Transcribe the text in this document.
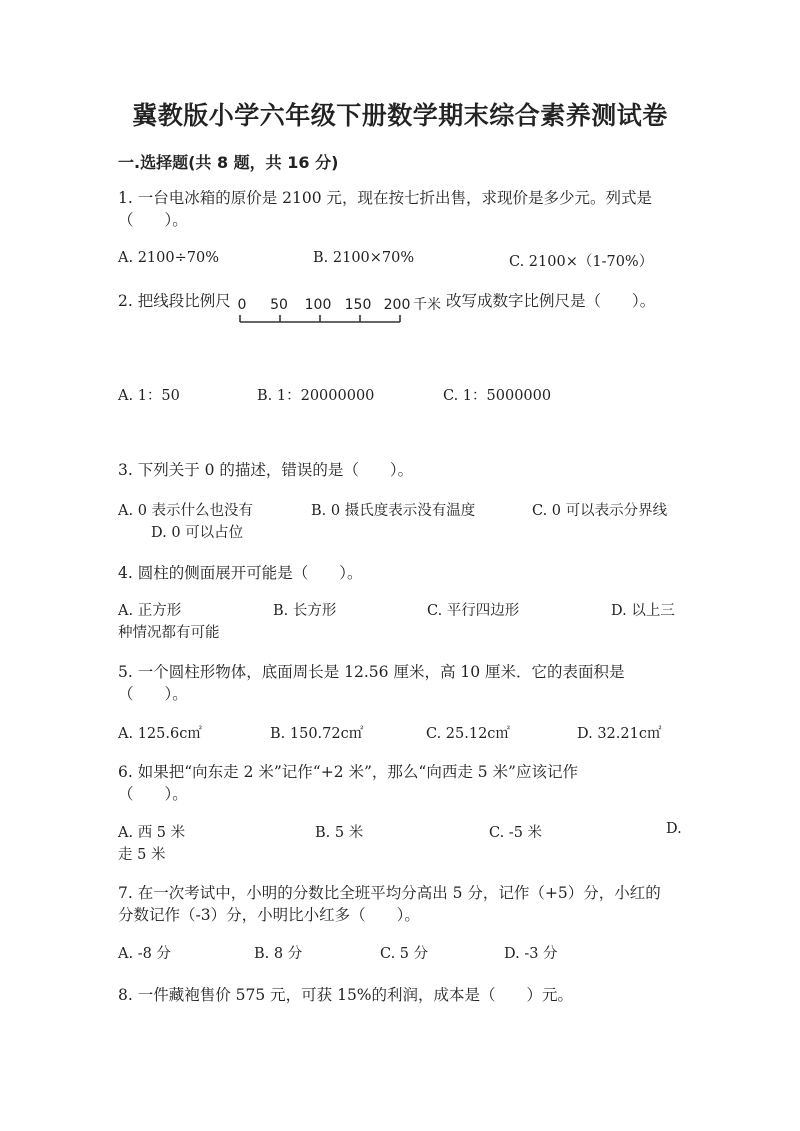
冀教版小学六年级下册数学期末综合素养测试卷
一.选择题(共 8 题，共 16 分)
1. 一台电冰箱的原价是 2100 元，现在按七折出售，求现价是多少元。列式是
（　　）。
A. 2100÷70%	B. 2100×70%	C. 2100×（1-70%）
2. 把线段比例尺 0 50 100 150 200 千米 改写成数字比例尺是（　　）。
A. 1：50	B. 1：20000000	C. 1：5000000
3. 下列关于 0 的描述，错误的是（　　）。
A. 0 表示什么也没有	B. 0 摄氏度表示没有温度	C. 0 可以表示分界线
D. 0 可以占位
4. 圆柱的侧面展开可能是（　　）。
A. 正方形	B. 长方形	C. 平行四边形	D. 以上三
种情况都有可能
5. 一个圆柱形物体，底面周长是 12.56 厘米，高 10 厘米．它的表面积是
（　　）。
A. 125.6c㎡	B. 150.72c㎡	C. 25.12c㎡	D. 32.21c㎡
6. 如果把“向东走 2 米”记作“+2 米”，那么“向西走 5 米”应该记作
（　　）。
A. 西 5 米	B. 5 米	C. -5 米	D.
走 5 米
7. 在一次考试中，小明的分数比全班平均分高出 5 分，记作（+5）分，小红的
分数记作（-3）分，小明比小红多（　　）。
A. -8 分	B. 8 分	C. 5 分	D. -3 分
8. 一件藏袍售价 575 元，可获 15%的利润，成本是（　　）元。
